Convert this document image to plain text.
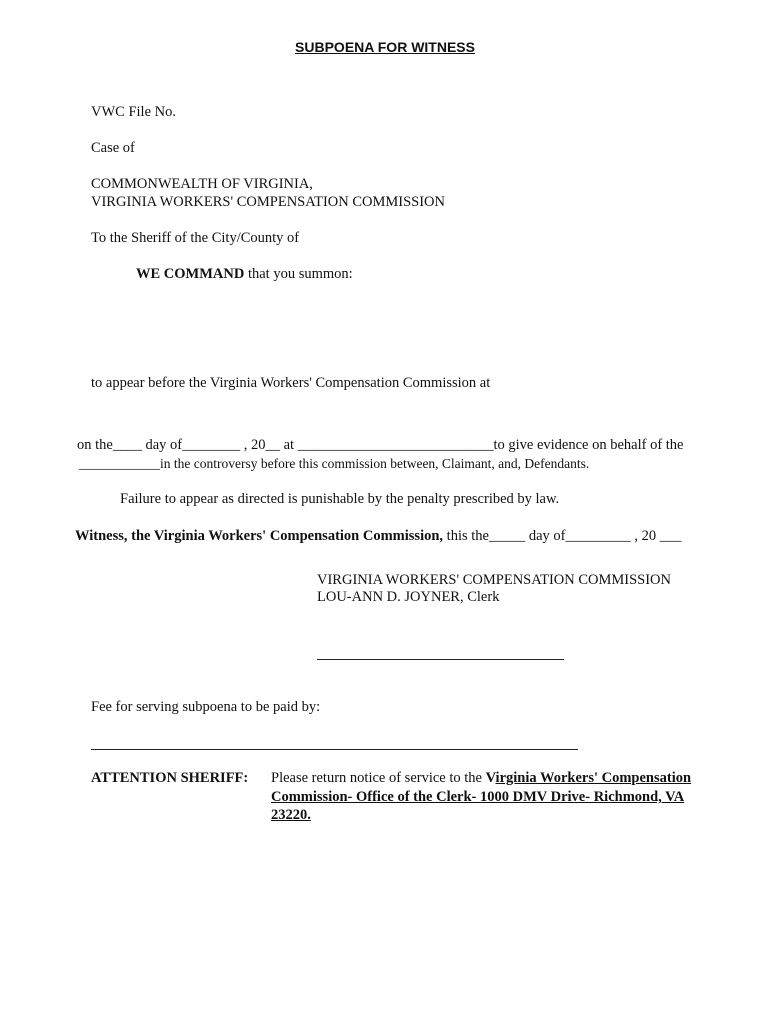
SUBPOENA FOR WITNESS
VWC File No.
Case of
COMMONWEALTH OF VIRGINIA,
VIRGINIA WORKERS' COMPENSATION COMMISSION
To the Sheriff of the City/County of
WE COMMAND that you summon:
to appear before the Virginia Workers' Compensation Commission at
on the____ day of________ , 20__ at ___________________________to give evidence on behalf of the
____________in the controversy before this commission between, Claimant, and, Defendants.
Failure to appear as directed is punishable by the penalty prescribed by law.
Witness, the Virginia Workers' Compensation Commission, this the_____ day of_________ , 20 ___
VIRGINIA WORKERS' COMPENSATION COMMISSION
LOU-ANN D. JOYNER, Clerk
Fee for serving subpoena to be paid by:
ATTENTION SHERIFF: Please return notice of service to the Virginia Workers' Compensation
Commission- Office of the Clerk- 1000 DMV Drive- Richmond, VA
23220.
